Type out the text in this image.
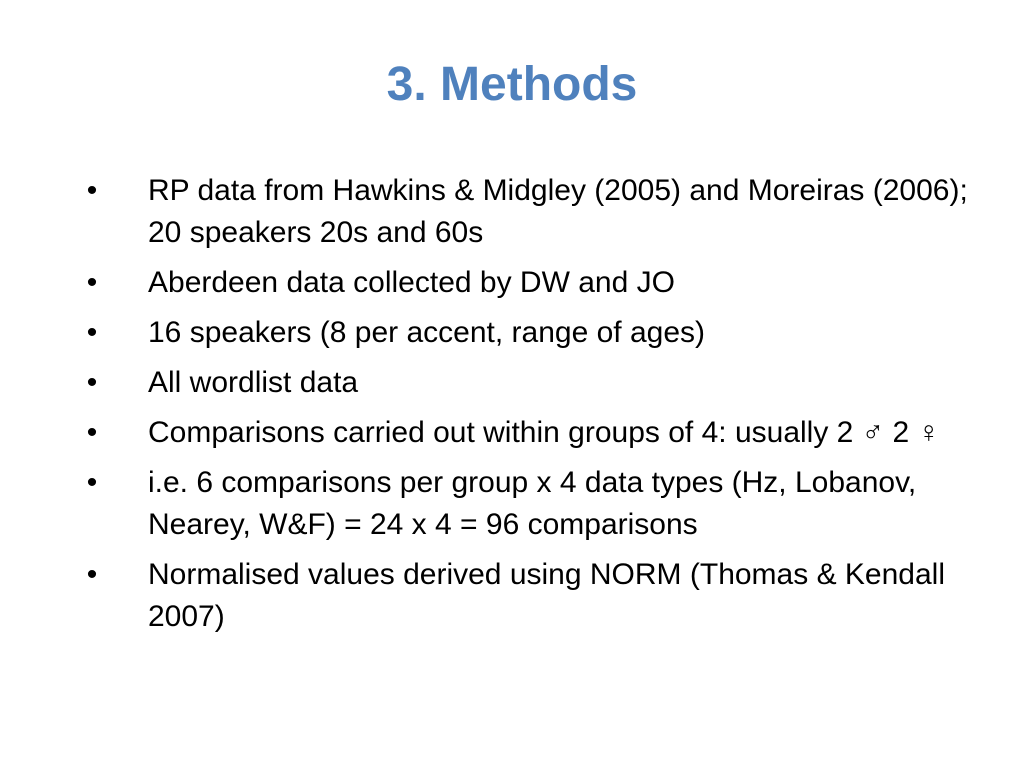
3. Methods
• RP data from Hawkins & Midgley (2005) and Moreiras (2006); 20 speakers 20s and 60s
• Aberdeen data collected by DW and JO
• 16 speakers (8 per accent, range of ages)
• All wordlist data
• Comparisons carried out within groups of 4: usually 2 ♂ 2 ♀
• i.e. 6 comparisons per group x 4 data types (Hz, Lobanov, Nearey, W&F) = 24 x 4 = 96 comparisons
• Normalised values derived using NORM (Thomas & Kendall 2007)
